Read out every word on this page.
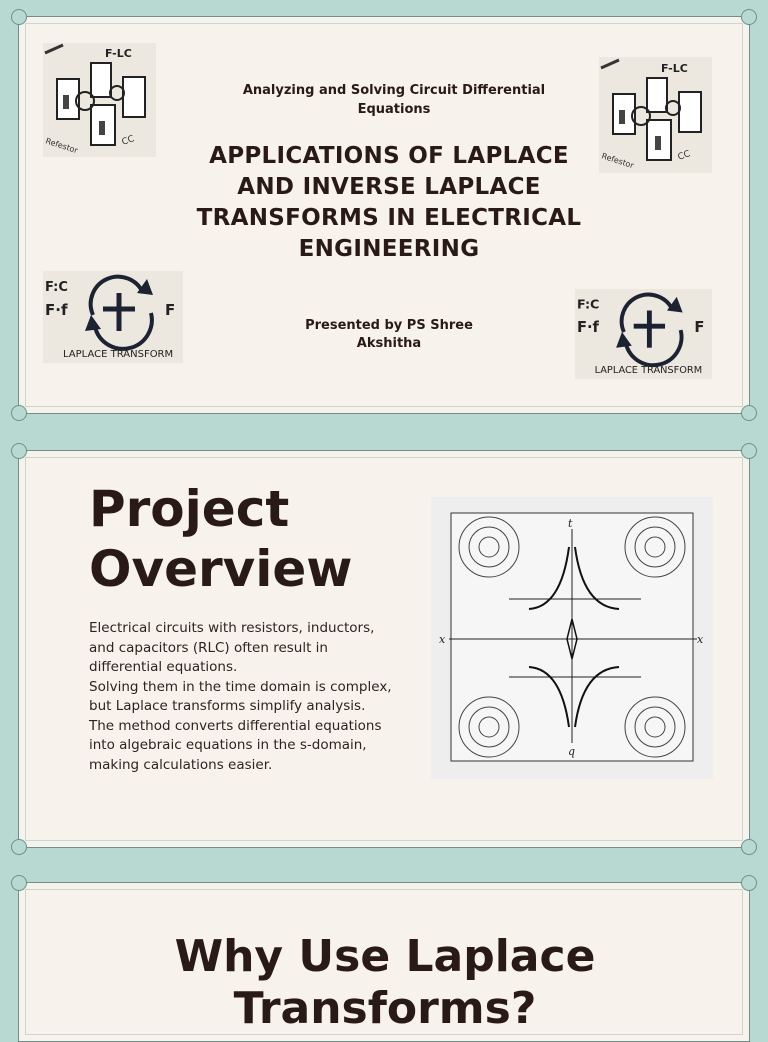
F-LC
Refestor	CC
F-LC
Refestor	CC
F:C
F·f	F
LAPLACE TRANSFORM
F:C
F·f	F
LAPLACE TRANSFORM
Analyzing and Solving Circuit Differential Equations
APPLICATIONS OF LAPLACE AND INVERSE LAPLACE TRANSFORMS IN ELECTRICAL ENGINEERING
Presented by PS Shree Akshitha
Project Overview

Electrical circuits with resistors, inductors, and capacitors (RLC) often result in differential equations.

Solving them in the time domain is complex, but Laplace transforms simplify analysis.

The method converts differential equations into algebraic equations in the s-domain, making calculations easier.

t
x	x
q
Why Use Laplace Transforms?
